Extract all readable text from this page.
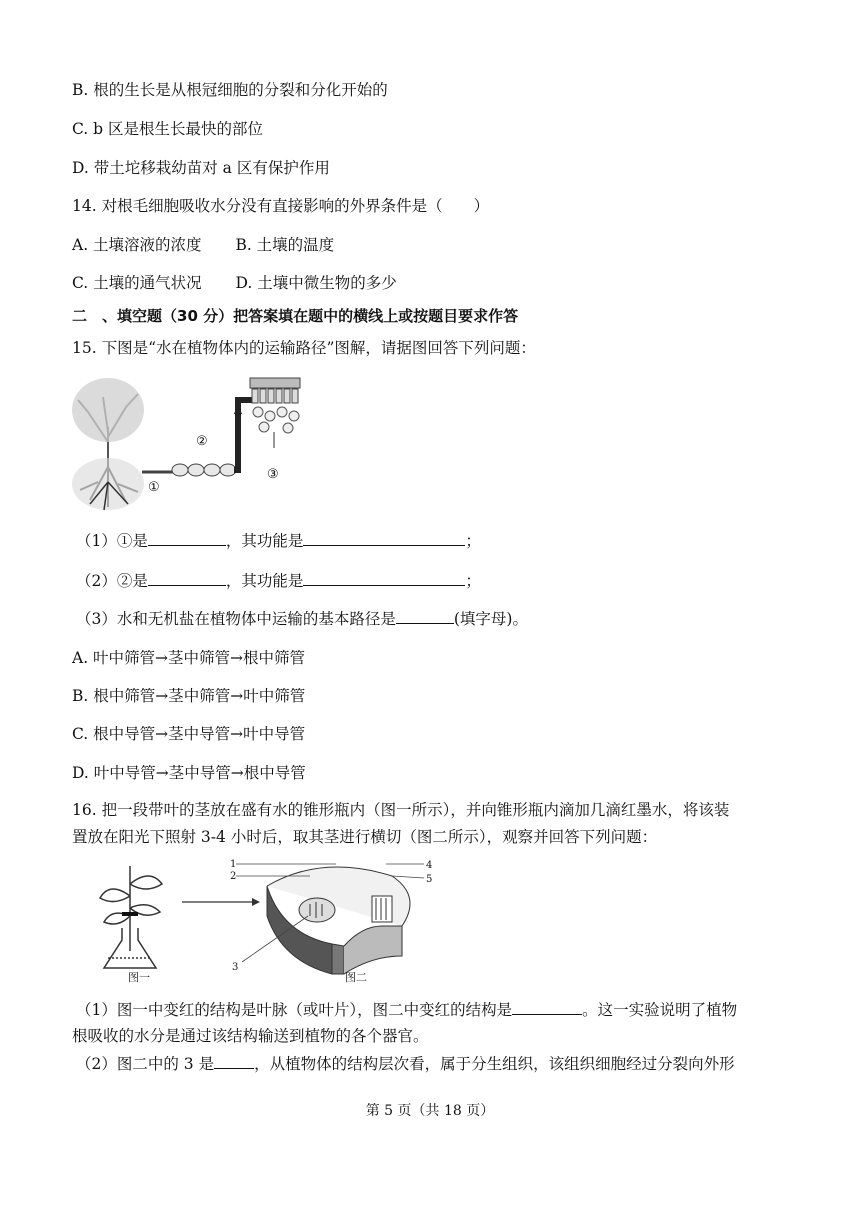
B. 根的生长是从根冠细胞的分裂和分化开始的
C. b 区是根生长最快的部位
D. 带土坨移栽幼苗对 a 区有保护作用
14. 对根毛细胞吸收水分没有直接影响的外界条件是（　　）
A. 土壤溶液的浓度 B. 土壤的温度
C. 土壤的通气状况 D. 土壤中微生物的多少
二　、填空题（30 分）把答案填在题中的横线上或按题目要求作答
15. 下图是“水在植物体内的运输路径”图解，请据图回答下列问题：
①
②
③
（1）①是	，其功能是	；
（2）②是	，其功能是	；
（3）水和无机盐在植物体中运输的基本路径是	(填字母)。
A. 叶中筛管→茎中筛管→根中筛管
B. 根中筛管→茎中筛管→叶中筛管
C. 根中导管→茎中导管→叶中导管
D. 叶中导管→茎中导管→根中导管
16. 把一段带叶的茎放在盛有水的锥形瓶内（图一所示），并向锥形瓶内滴加几滴红墨水，将该装
置放在阳光下照射 3-4 小时后，取其茎进行横切（图二所示），观察并回答下列问题：
图一	图二
1
2
3
4
5
（1）图一中变红的结构是叶脉（或叶片），图二中变红的结构是	。这一实验说明了植物
根吸收的水分是通过该结构输送到植物的各个器官。
（2）图二中的 3 是	，从植物体的结构层次看，属于分生组织，该组织细胞经过分裂向外形
第 5 页（共 18 页）
